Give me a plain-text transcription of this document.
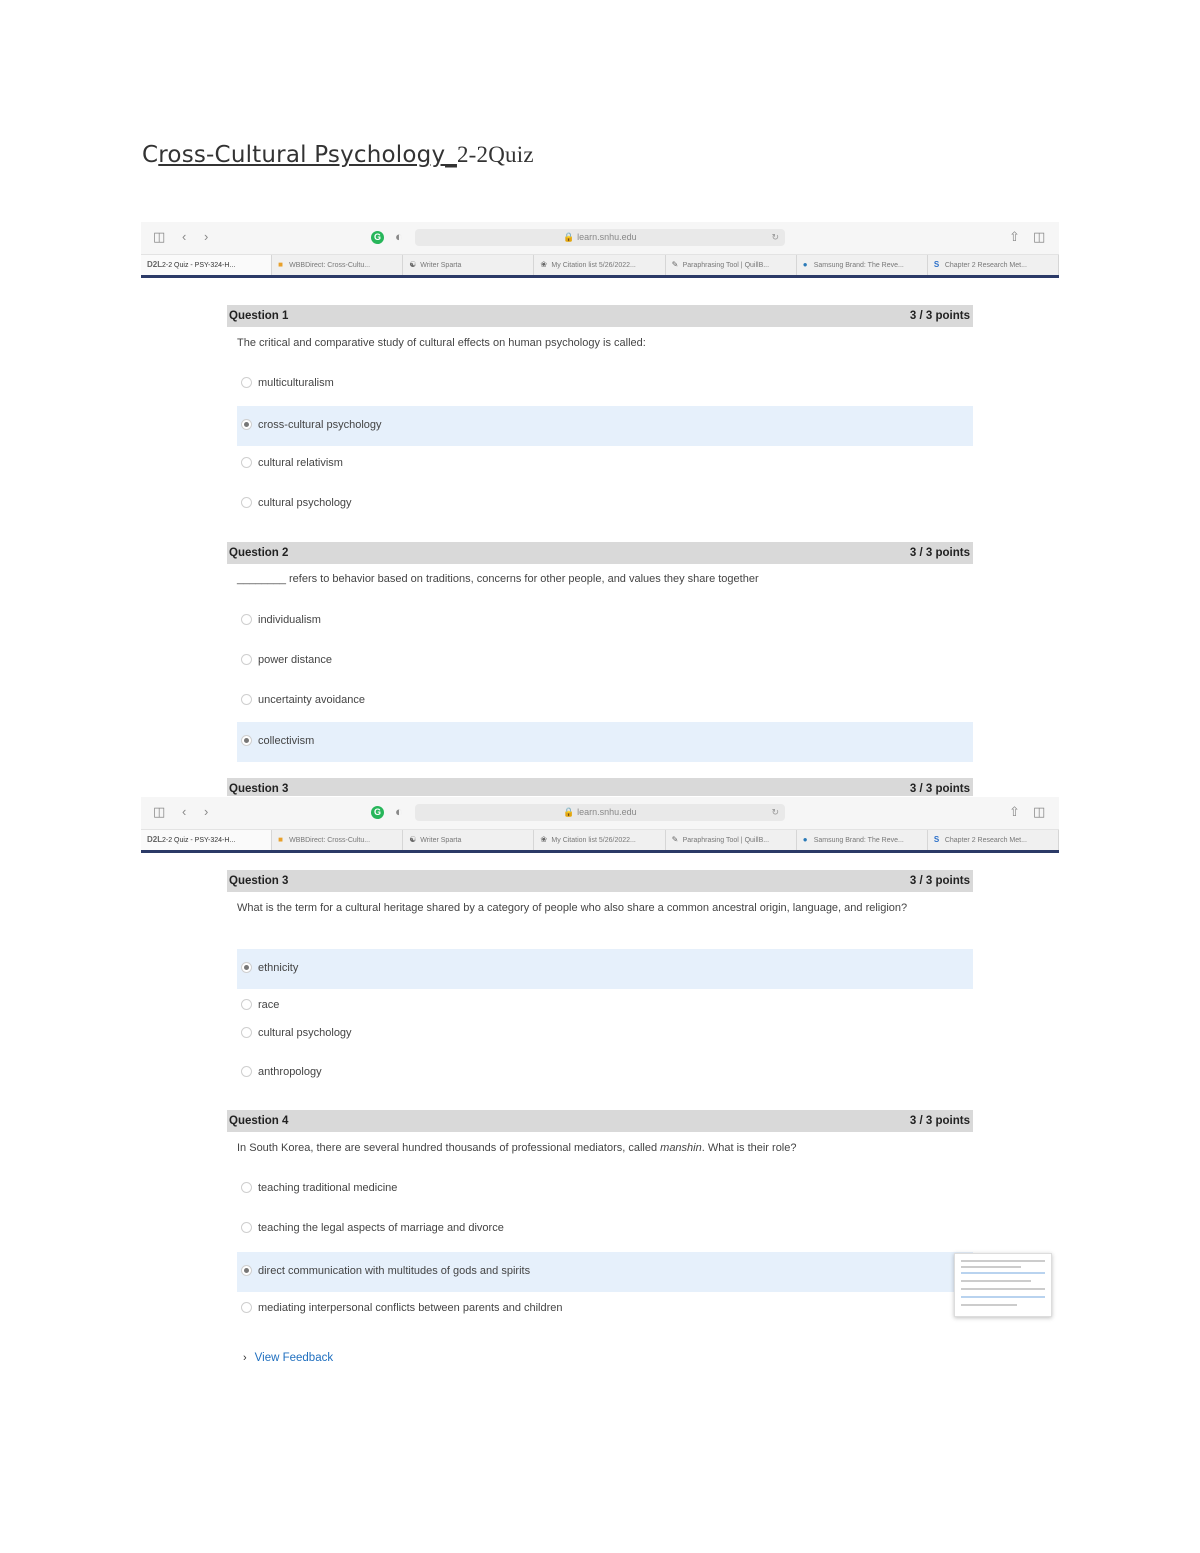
Cross-Cultural Psychology_2-2Quiz
◫ ‹ ›	G ◐	🔒 learn.snhu.edu	↻	⇧ ◫
D2L2-2 Quiz - PSY-324-H...	■ WBBDirect: Cross-Cultu...	☯ Writer Sparta	❀ My Citation list 5/26/2022...	✎ Paraphrasing Tool | QuillB...	● Samsung Brand: The Reve...	S Chapter 2 Research Met...
Question 1	3 / 3 points
The critical and comparative study of cultural effects on human psychology is called:
multiculturalism
cross-cultural psychology
cultural relativism
cultural psychology
Question 2	3 / 3 points
________ refers to behavior based on traditions, concerns for other people, and values they share together
individualism
power distance
uncertainty avoidance
collectivism
Question 3	3 / 3 points
◫ ‹ ›	G ◐	🔒 learn.snhu.edu	↻	⇧ ◫
D2L2-2 Quiz - PSY-324-H...	■ WBBDirect: Cross-Cultu...	☯ Writer Sparta	❀ My Citation list 5/26/2022...	✎ Paraphrasing Tool | QuillB...	● Samsung Brand: The Reve...	S Chapter 2 Research Met...
Question 3	3 / 3 points
What is the term for a cultural heritage shared by a category of people who also share a common ancestral origin, language, and religion?
ethnicity
race
cultural psychology
anthropology
Question 4	3 / 3 points
In South Korea, there are several hundred thousands of professional mediators, called manshin. What is their role?
teaching traditional medicine
teaching the legal aspects of marriage and divorce
direct communication with multitudes of gods and spirits
mediating interpersonal conflicts between parents and children
› View Feedback
